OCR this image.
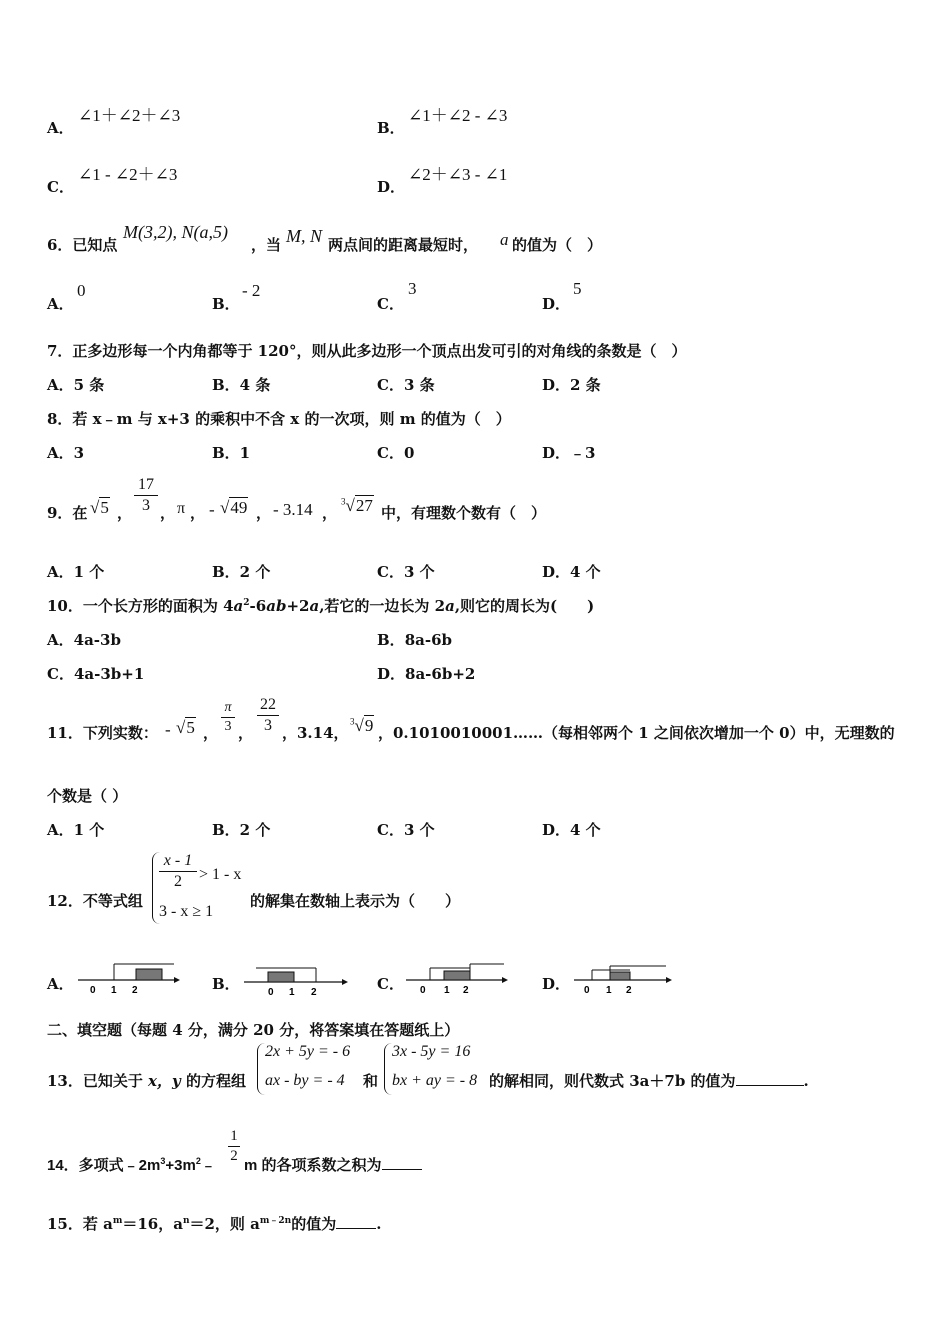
A．
∠1＋∠2＋∠3
B．
∠1＋∠2 - ∠3
C．
∠1 - ∠2＋∠3
D．
∠2＋∠3 - ∠1
6．已知点
M(3,2), N(a,5)
，当 M, N 两点间的距离最短时， a 的值为（　）
A．
0
B．
- 2
C．
3
D．
5
7．正多边形每一个内角都等于 120°，则从此多边形一个顶点出发可引的对角线的条数是（　）
A．5 条	B．4 条	C．3 条	D．2 条
8．若 x﹣m 与 x+3 的乘积中不含 x 的一次项，则 m 的值为（　）
A．3	B．1	C．0	D．﹣3
9．在 √5 ，
17
3 ， π ， - √49 ， - 3.14 ，
$^3$√27 中，有理数个数有（　）
A．1 个	B．2 个	C．3 个	D．4 个
10．一个长方形的面积为 $4a^2-6ab+2a$,若它的一边长为 2a,则它的周长为(　　)
A．4a-3b	B．8a-6b
C．4a-3b+1	D．8a-6b+2
11．下列实数： - √5 ，
π
3 ，
22
3 ，3.14，
$^3$√9 ，0.1010010001……（每相邻两个 1 之间依次增加一个 0）中，无理数的
个数是（ ）
A．1 个	B．2 个	C．3 个	D．4 个
12．不等式组
x - 1
2	> 1 - x
3 - x ≥ 1
的解集在数轴上表示为（　　）
A． 0 1 2	B．	0 1 2	C． 0 1 2	D． 0 1 2
二、填空题（每题 4 分，满分 20 分，将答案填在答题纸上）
13．已知关于 x，y 的方程组
2x + 5y = - 6
ax - by = - 4 和
3x - 5y = 16
bx + ay = - 8 的解相同，则代数式 3a＋7b 的值为	.
14．多项式$﹣2m^3+3m^2﹣$
1
2
m 的各项系数之积为
15．若 $a^m=16$，$a^n=2$，则 $a^{m﹣2n}$的值为	.
